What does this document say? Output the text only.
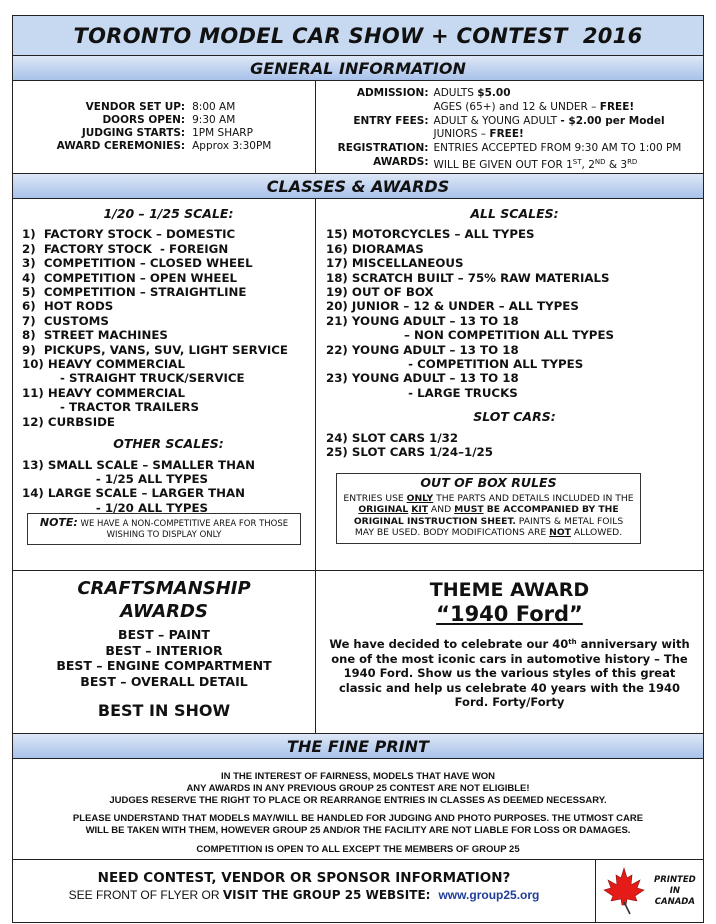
TORONTO MODEL CAR SHOW + CONTEST  2016
GENERAL INFORMATION
VENDOR SET UP: 8:00 AM
DOORS OPEN: 9:30 AM
JUDGING STARTS: 1PM SHARP
AWARD CEREMONIES: Approx 3:30PM
ADMISSION: ADULTS $5.00
AGES (65+) and 12 & UNDER – FREE!
ENTRY FEES: ADULT & YOUNG ADULT - $2.00 per Model
JUNIORS – FREE!
REGISTRATION: ENTRIES ACCEPTED FROM 9:30 AM TO 1:00 PM
AWARDS: WILL BE GIVEN OUT FOR 1ST, 2ND & 3RD
CLASSES & AWARDS
1/20 – 1/25 SCALE:
1)  FACTORY STOCK – DOMESTIC
2)  FACTORY STOCK  - FOREIGN
3)  COMPETITION – CLOSED WHEEL
4)  COMPETITION – OPEN WHEEL
5)  COMPETITION – STRAIGHTLINE
6)  HOT RODS
7)  CUSTOMS
8)  STREET MACHINES
9)  PICKUPS, VANS, SUV, LIGHT SERVICE
10) HEAVY COMMERCIAL
- STRAIGHT TRUCK/SERVICE
11) HEAVY COMMERCIAL
- TRACTOR TRAILERS
12) CURBSIDE
OTHER SCALES:
13) SMALL SCALE – SMALLER THAN
- 1/25 ALL TYPES
14) LARGE SCALE – LARGER THAN
- 1/20 ALL TYPES
NOTE: WE HAVE A NON-COMPETITIVE AREA FOR THOSE WISHING TO DISPLAY ONLY
ALL SCALES:
15) MOTORCYCLES – ALL TYPES
16) DIORAMAS
17) MISCELLANEOUS
18) SCRATCH BUILT – 75% RAW MATERIALS
19) OUT OF BOX
20) JUNIOR – 12 & UNDER – ALL TYPES
21) YOUNG ADULT – 13 TO 18
– NON COMPETITION ALL TYPES
22) YOUNG ADULT – 13 TO 18
- COMPETITION ALL TYPES
23) YOUNG ADULT – 13 TO 18
- LARGE TRUCKS
SLOT CARS:
24) SLOT CARS 1/32
25) SLOT CARS 1/24–1/25
OUT OF BOX RULES
ENTRIES USE ONLY THE PARTS AND DETAILS INCLUDED IN THE ORIGINAL KIT AND MUST BE ACCOMPANIED BY THE ORIGINAL INSTRUCTION SHEET. PAINTS & METAL FOILS MAY BE USED. BODY MODIFICATIONS ARE NOT ALLOWED.
CRAFTSMANSHIP
AWARDS
BEST – PAINT
BEST – INTERIOR
BEST – ENGINE COMPARTMENT
BEST – OVERALL DETAIL
BEST IN SHOW
THEME AWARD
“1940 Ford”

We have decided to celebrate our 40th anniversary with one of the most iconic cars in automotive history – The 1940 Ford. Show us the various styles of this great classic and help us celebrate 40 years with the 1940 Ford. Forty/Forty

THE FINE PRINT
IN THE INTEREST OF FAIRNESS, MODELS THAT HAVE WON
ANY AWARDS IN ANY PREVIOUS GROUP 25 CONTEST ARE NOT ELIGIBLE!
JUDGES RESERVE THE RIGHT TO PLACE OR REARRANGE ENTRIES IN CLASSES AS DEEMED NECESSARY.
PLEASE UNDERSTAND THAT MODELS MAY/WILL BE HANDLED FOR JUDGING AND PHOTO PURPOSES. THE UTMOST CARE
WILL BE TAKEN WITH THEM, HOWEVER GROUP 25 AND/OR THE FACILITY ARE NOT LIABLE FOR LOSS OR DAMAGES.
COMPETITION IS OPEN TO ALL EXCEPT THE MEMBERS OF GROUP 25
NEED CONTEST, VENDOR OR SPONSOR INFORMATION?
SEE FRONT OF FLYER OR VISIT THE GROUP 25 WEBSITE: www.group25.org
PRINTED
IN
CANADA
